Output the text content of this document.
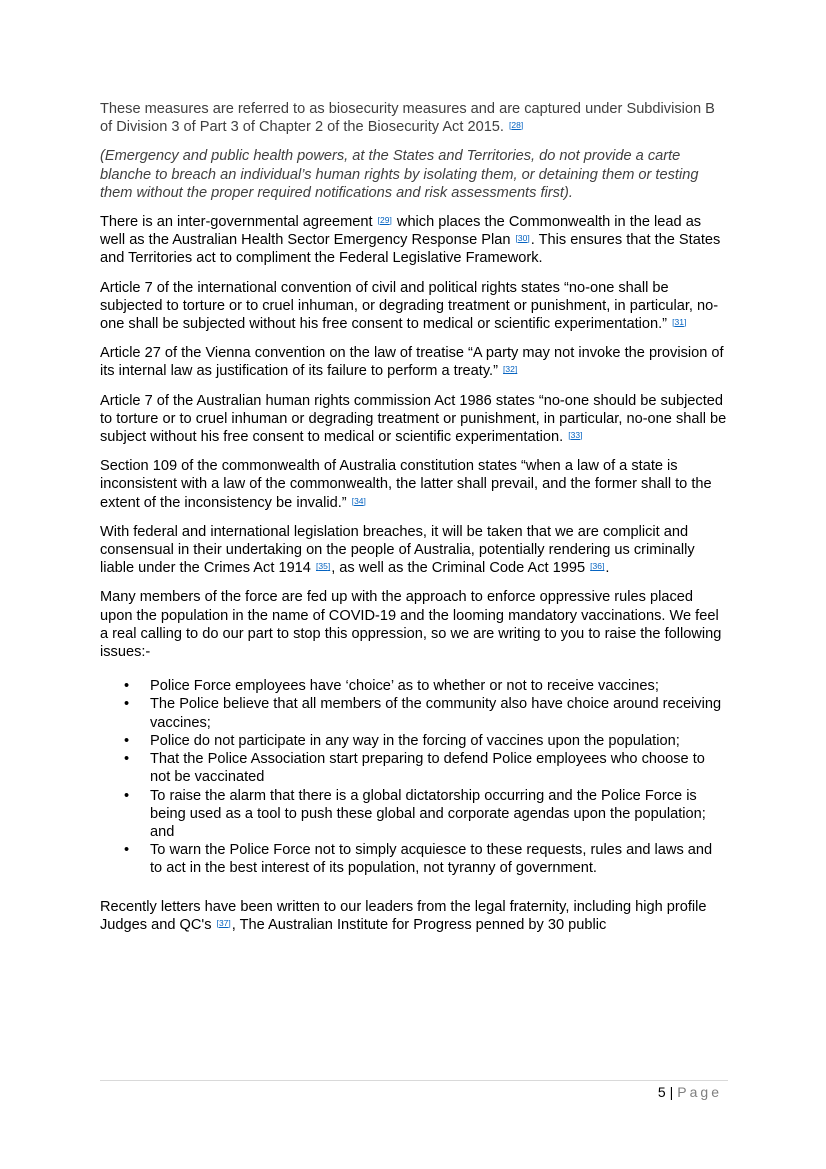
These measures are referred to as biosecurity measures and are captured under Subdivision B of Division 3 of Part 3 of Chapter 2 of the Biosecurity Act 2015. [28]

(Emergency and public health powers, at the States and Territories, do not provide a carte blanche to breach an individual’s human rights by isolating them, or detaining them or testing them without the proper required notifications and risk assessments first).

There is an inter-governmental agreement [29] which places the Commonwealth in the lead as well as the Australian Health Sector Emergency Response Plan [30]. This ensures that the States and Territories act to compliment the Federal Legislative Framework.

Article 7 of the international convention of civil and political rights states “no-one shall be subjected to torture or to cruel inhuman, or degrading treatment or punishment, in particular, no-one shall be subjected without his free consent to medical or scientific experimentation.” [31]

Article 27 of the Vienna convention on the law of treatise “A party may not invoke the provision of its internal law as justification of its failure to perform a treaty.” [32]

Article 7 of the Australian human rights commission Act 1986 states “no-one should be subjected to torture or to cruel inhuman or degrading treatment or punishment, in particular, no-one shall be subject without his free consent to medical or scientific experimentation. [33]

Section 109 of the commonwealth of Australia constitution states “when a law of a state is inconsistent with a law of the commonwealth, the latter shall prevail, and the former shall to the extent of the inconsistency be invalid.” [34]

With federal and international legislation breaches, it will be taken that we are complicit and consensual in their undertaking on the people of Australia, potentially rendering us criminally liable under the Crimes Act 1914 [35], as well as the Criminal Code Act 1995 [36].

Many members of the force are fed up with the approach to enforce oppressive rules placed upon the population in the name of COVID-19 and the looming mandatory vaccinations. We feel a real calling to do our part to stop this oppression, so we are writing to you to raise the following issues:-

• Police Force employees have ‘choice’ as to whether or not to receive vaccines;
• The Police believe that all members of the community also have choice around receiving vaccines;
• Police do not participate in any way in the forcing of vaccines upon the population;
• That the Police Association start preparing to defend Police employees who choose to not be vaccinated
• To raise the alarm that there is a global dictatorship occurring and the Police Force is being used as a tool to push these global and corporate agendas upon the population; and
• To warn the Police Force not to simply acquiesce to these requests, rules and laws and to act in the best interest of its population, not tyranny of government.

Recently letters have been written to our leaders from the legal fraternity, including high profile Judges and QC's [37], The Australian Institute for Progress penned by 30 public

5 | Page
